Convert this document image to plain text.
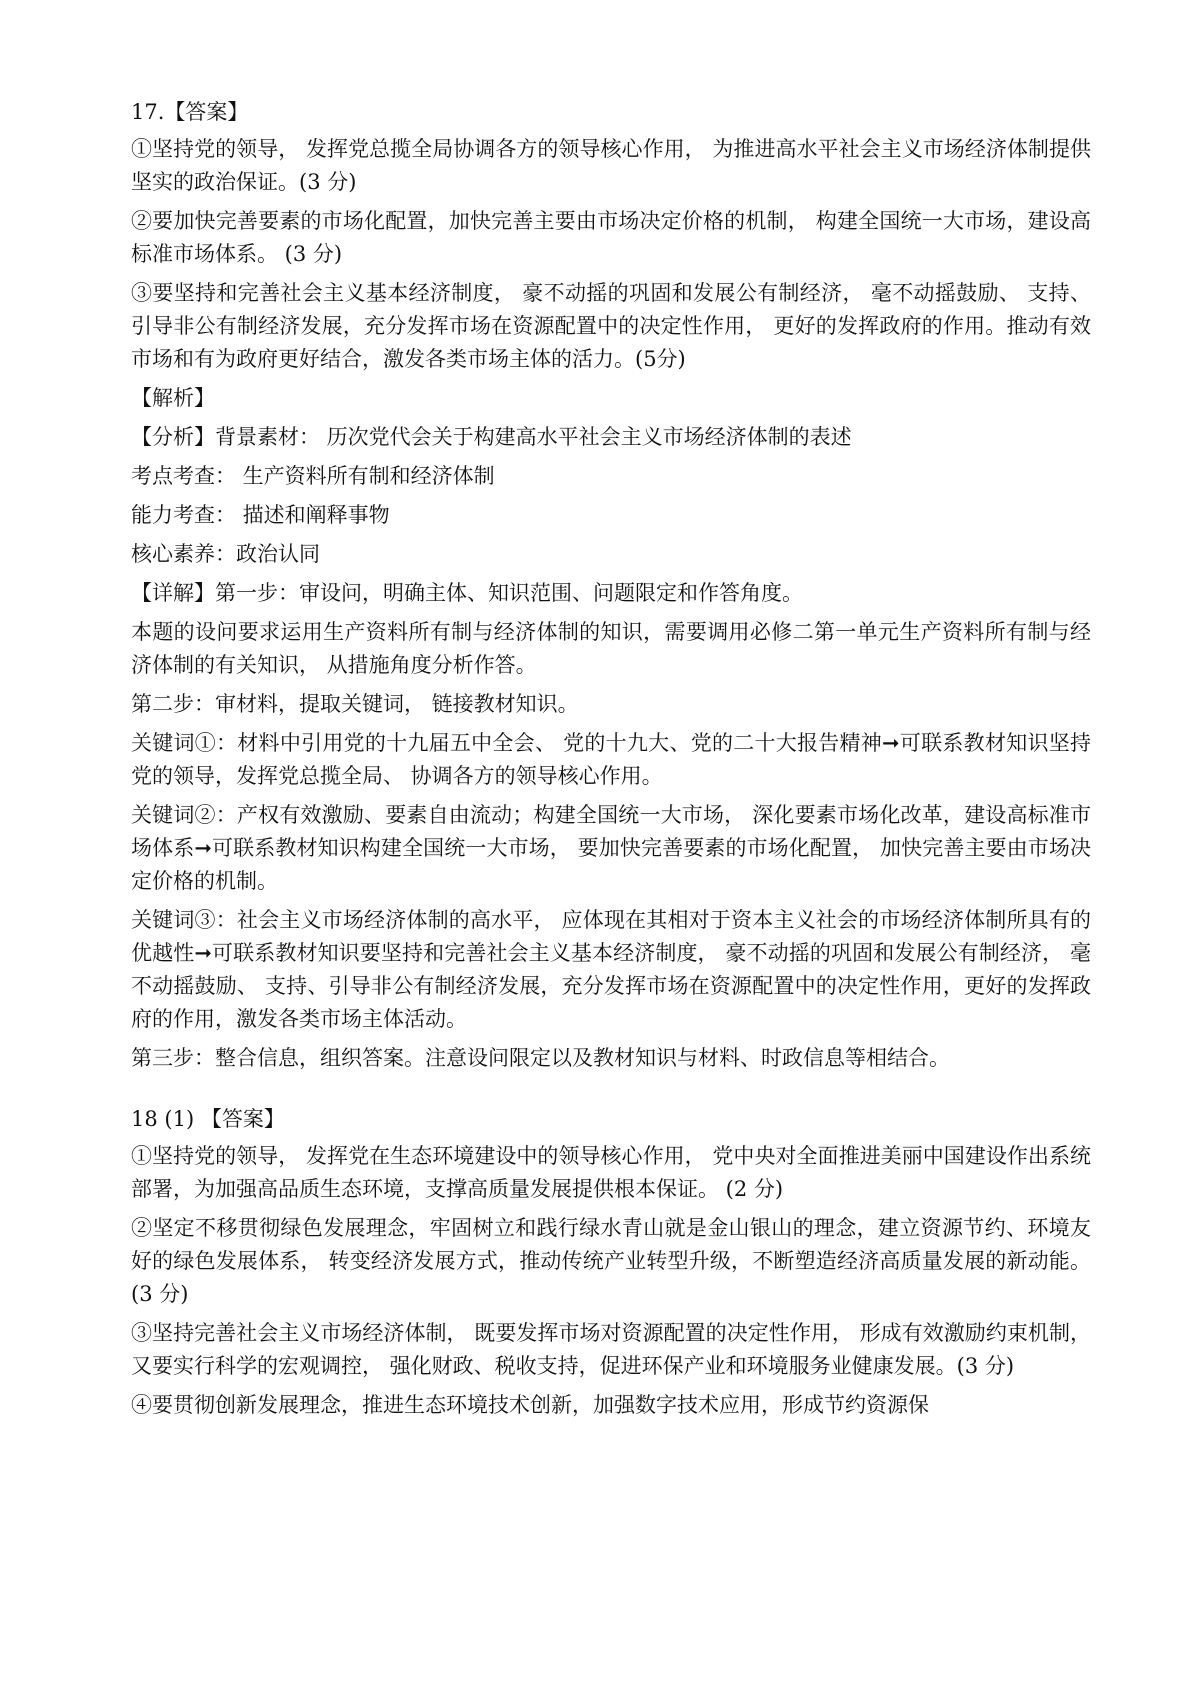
17.【答案】

①坚持党的领导， 发挥党总揽全局协调各方的领导核心作用， 为推进高水平社会主义市场经济体制提供坚实的政治保证。(3 分)

②要加快完善要素的市场化配置，加快完善主要由市场决定价格的机制， 构建全国统一大市场，建设高标准市场体系。 (3 分)

③要坚持和完善社会主义基本经济制度， 豪不动摇的巩固和发展公有制经济， 毫不动摇鼓励、 支持、引导非公有制经济发展，充分发挥市场在资源配置中的决定性作用， 更好的发挥政府的作用。推动有效市场和有为政府更好结合，激发各类市场主体的活力。(5分)

【解析】

【分析】背景素材： 历次党代会关于构建高水平社会主义市场经济体制的表述

考点考查： 生产资料所有制和经济体制

能力考查： 描述和阐释事物

核心素养：政治认同

【详解】第一步：审设问，明确主体、知识范围、问题限定和作答角度。

本题的设问要求运用生产资料所有制与经济体制的知识，需要调用必修二第一单元生产资料所有制与经济体制的有关知识， 从措施角度分析作答。

第二步：审材料，提取关键词， 链接教材知识。

关键词①：材料中引用党的十九届五中全会、 党的十九大、党的二十大报告精神➞可联系教材知识坚持党的领导，发挥党总揽全局、 协调各方的领导核心作用。

关键词②：产权有效激励、要素自由流动；构建全国统一大市场， 深化要素市场化改革，建设高标准市场体系➞可联系教材知识构建全国统一大市场， 要加快完善要素的市场化配置， 加快完善主要由市场决定价格的机制。

关键词③：社会主义市场经济体制的高水平， 应体现在其相对于资本主义社会的市场经济体制所具有的优越性➞可联系教材知识要坚持和完善社会主义基本经济制度， 豪不动摇的巩固和发展公有制经济， 毫不动摇鼓励、 支持、引导非公有制经济发展，充分发挥市场在资源配置中的决定性作用，更好的发挥政府的作用，激发各类市场主体活动。

第三步：整合信息，组织答案。注意设问限定以及教材知识与材料、时政信息等相结合。

18 (1) 【答案】

①坚持党的领导， 发挥党在生态环境建设中的领导核心作用， 党中央对全面推进美丽中国建设作出系统部署，为加强高品质生态环境，支撑高质量发展提供根本保证。 (2 分)

②坚定不移贯彻绿色发展理念，牢固树立和践行绿水青山就是金山银山的理念，建立资源节约、环境友好的绿色发展体系， 转变经济发展方式，推动传统产业转型升级，不断塑造经济高质量发展的新动能。 (3 分)

③坚持完善社会主义市场经济体制， 既要发挥市场对资源配置的决定性作用， 形成有效激励约束机制，又要实行科学的宏观调控， 强化财政、税收支持，促进环保产业和环境服务业健康发展。(3 分)

④要贯彻创新发展理念，推进生态环境技术创新，加强数字技术应用，形成节约资源保
